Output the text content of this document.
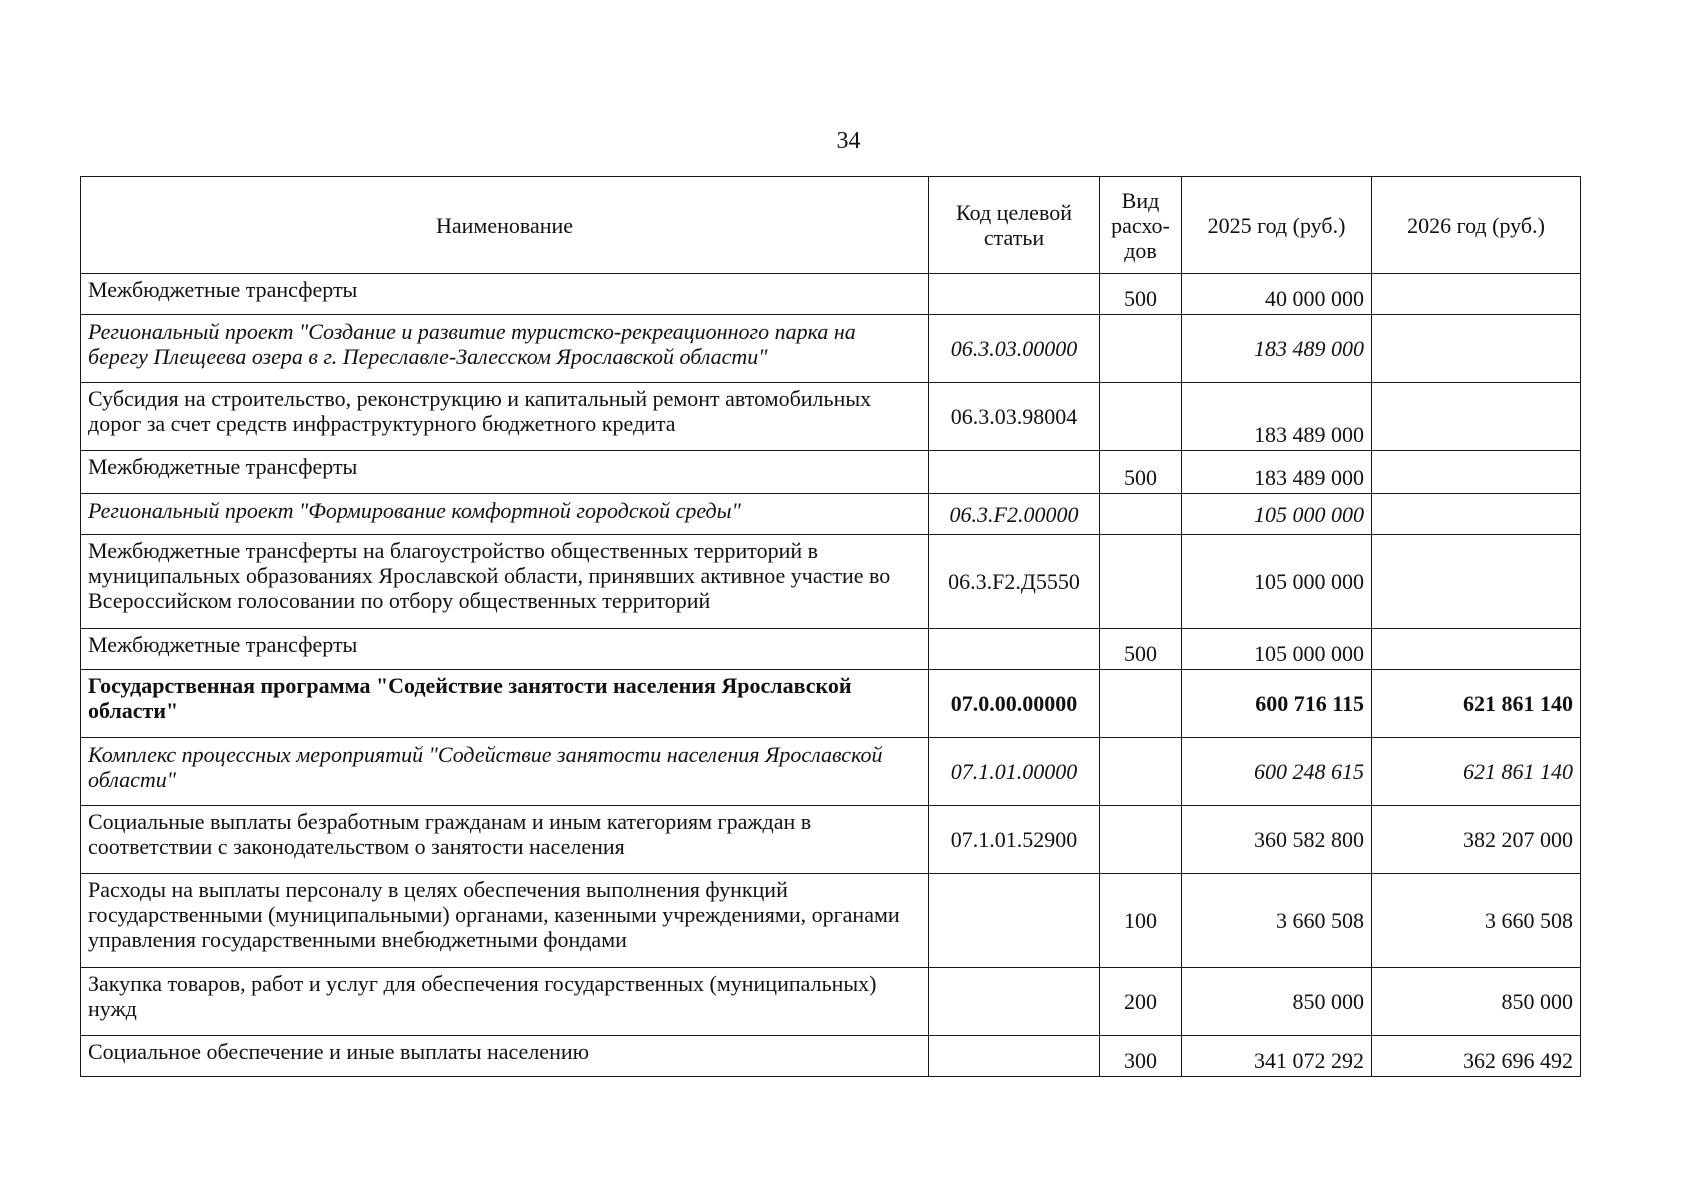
34
Наименование	Код целевой статьи	Вид расхо-дов	2025 год (руб.)	2026 год (руб.)
Межбюджетные трансферты		500	40 000 000	
Региональный проект "Создание и развитие туристско-рекреационного парка на берегу Плещеева озера в г. Переславле-Залесском Ярославской области"	06.3.03.00000		183 489 000	
Субсидия на строительство, реконструкцию и капитальный ремонт автомобильных дорог за счет средств инфраструктурного бюджетного кредита	06.3.03.98004		183 489 000	
Межбюджетные трансферты		500	183 489 000	
Региональный проект "Формирование комфортной городской среды"	06.3.F2.00000		105 000 000	
Межбюджетные трансферты на благоустройство общественных территорий в муниципальных образованиях Ярославской области, принявших активное участие во Всероссийском голосовании по отбору общественных территорий	06.3.F2.Д5550		105 000 000	
Межбюджетные трансферты		500	105 000 000	
Государственная программа "Содействие занятости населения Ярославской области"	07.0.00.00000		600 716 115	621 861 140
Комплекс процессных мероприятий "Содействие занятости населения Ярославской области"	07.1.01.00000		600 248 615	621 861 140
Социальные выплаты безработным гражданам и иным категориям граждан в соответствии с законодательством о занятости населения	07.1.01.52900		360 582 800	382 207 000
Расходы на выплаты персоналу в целях обеспечения выполнения функций государственными (муниципальными) органами, казенными учреждениями, органами управления государственными внебюджетными фондами		100	3 660 508	3 660 508
Закупка товаров, работ и услуг для обеспечения государственных (муниципальных) нужд		200	850 000	850 000
Социальное обеспечение и иные выплаты населению		300	341 072 292	362 696 492
